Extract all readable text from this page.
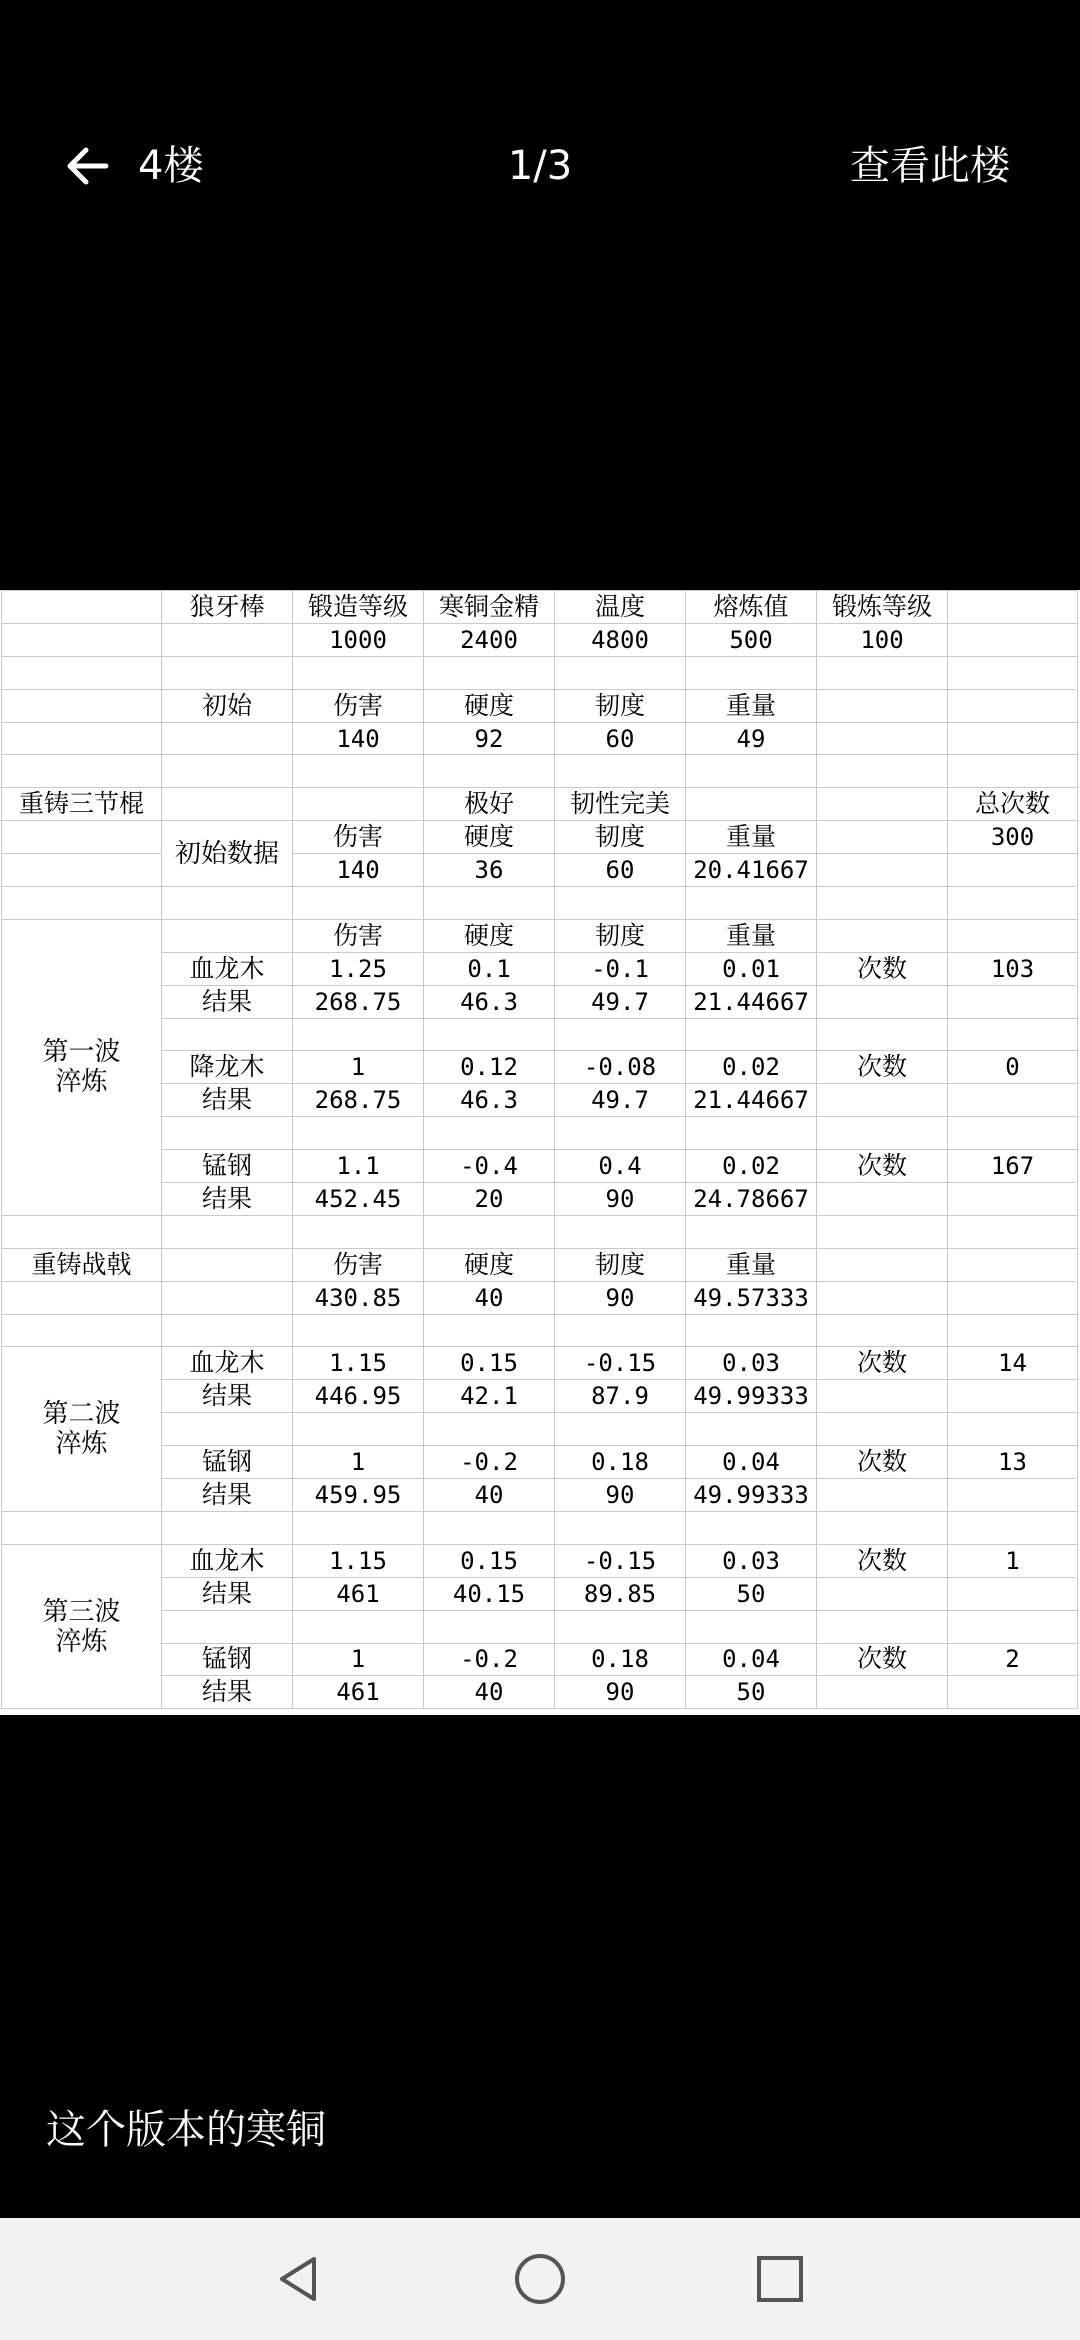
4楼	1/3	查看此楼
	狼牙棒	锻造等级	寒铜金精	温度	熔炼值	锻炼等级	
		1000	2400	4800	500	100	

	初始	伤害	硬度	韧度	重量		
		140	92	60	49		

重铸三节棍			极好	韧性完美			总次数
	初始数据	伤害	硬度	韧度	重量		300
		140	36	60	20.41667		

第一波
淬炼		伤害	硬度	韧度	重量		
	血龙木	1.25	0.1	-0.1	0.01	次数	103
	结果	268.75	46.3	49.7	21.44667		

	降龙木	1	0.12	-0.08	0.02	次数	0
	结果	268.75	46.3	49.7	21.44667		

	锰钢	1.1	-0.4	0.4	0.02	次数	167
	结果	452.45	20	90	24.78667		

重铸战戟		伤害	硬度	韧度	重量		
		430.85	40	90	49.57333		

第二波
淬炼	血龙木	1.15	0.15	-0.15	0.03	次数	14
	结果	446.95	42.1	87.9	49.99333		

	锰钢	1	-0.2	0.18	0.04	次数	13
	结果	459.95	40	90	49.99333		

第三波
淬炼	血龙木	1.15	0.15	-0.15	0.03	次数	1
	结果	461	40.15	89.85	50		

	锰钢	1	-0.2	0.18	0.04	次数	2
	结果	461	40	90	50		
这个版本的寒铜
